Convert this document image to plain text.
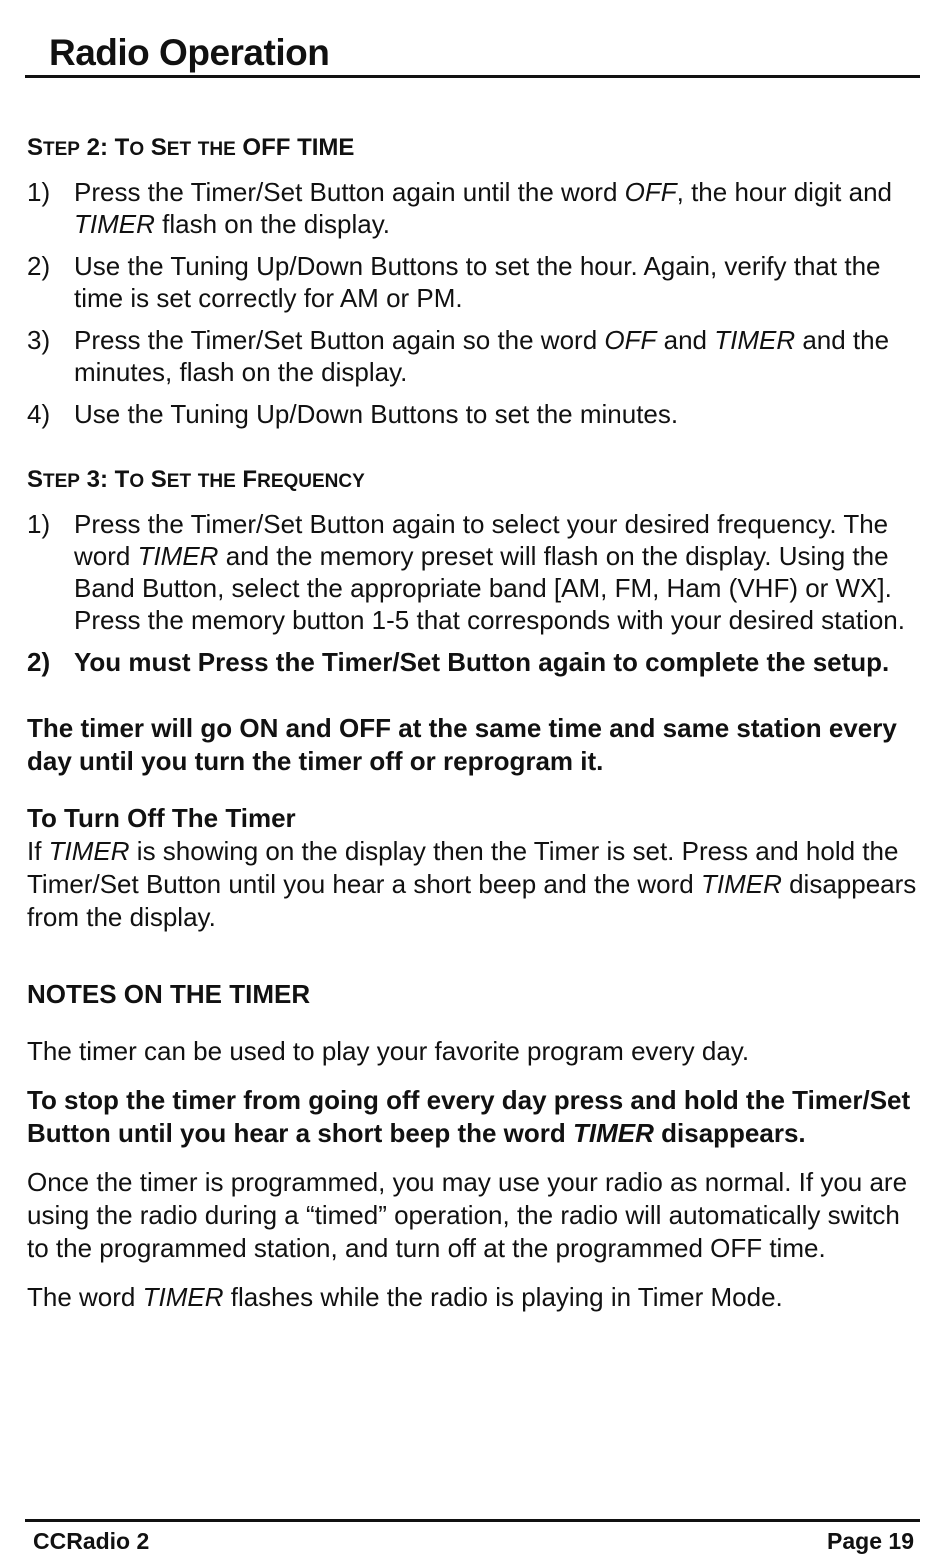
Radio Operation
STEP 2: TO SET THE OFF TIME
1) Press the Timer/Set Button again until the word OFF, the hour digit and TIMER flash on the display.
2) Use the Tuning Up/Down Buttons to set the hour. Again, verify that the time is set correctly for AM or PM.
3) Press the Timer/Set Button again so the word OFF and TIMER and the minutes, flash on the display.
4) Use the Tuning Up/Down Buttons to set the minutes.
STEP 3: TO SET THE FREQUENCY
1) Press the Timer/Set Button again to select your desired frequency. The word TIMER and the memory preset will flash on the display. Using the Band Button, select the appropriate band [AM, FM, Ham (VHF) or WX]. Press the memory button 1-5 that corresponds with your desired station.
2) You must Press the Timer/Set Button again to complete the setup.

The timer will go ON and OFF at the same time and same station every day until you turn the timer off or reprogram it.

To Turn Off The Timer

If TIMER is showing on the display then the Timer is set. Press and hold the Timer/Set Button until you hear a short beep and the word TIMER disappears from the display.

NOTES ON THE TIMER

The timer can be used to play your favorite program every day.

To stop the timer from going off every day press and hold the Timer/Set Button until you hear a short beep the word TIMER disappears.

Once the timer is programmed, you may use your radio as normal. If you are using the radio during a “timed” operation, the radio will automatically switch to the programmed station, and turn off at the programmed OFF time.

The word TIMER flashes while the radio is playing in Timer Mode.

CCRadio 2	Page 19
